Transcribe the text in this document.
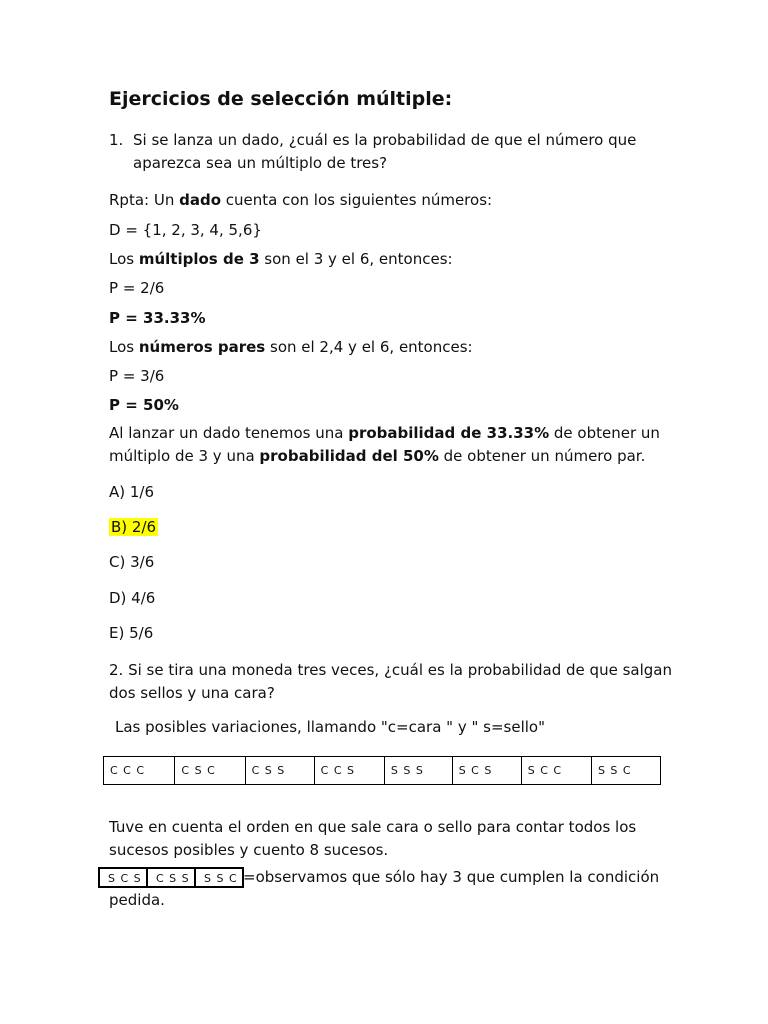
Ejercicios de selección múltiple:
1. Si se lanza un dado, ¿cuál es la probabilidad de que el número que
aparezca sea un múltiplo de tres?
Rpta: Un dado cuenta con los siguientes números:
D = {1, 2, 3, 4, 5,6}
Los múltiplos de 3 son el 3 y el 6, entonces:
P = 2/6
P = 33.33%
Los números pares son el 2,4 y el 6, entonces:
P = 3/6
P = 50%
Al lanzar un dado tenemos una probabilidad de 33.33% de obtener un
múltiplo de 3 y una probabilidad del 50% de obtener un número par.
A) 1/6
B) 2/6
C) 3/6
D) 4/6
E) 5/6
2. Si se tira una moneda tres veces, ¿cuál es la probabilidad de que salgan
dos sellos y una cara?
Las posibles variaciones, llamando "c=cara " y " s=sello"
C C C	C S C	C S S	C C S	S S S	S C S	S C C	S S C
Tuve en cuenta el orden en que sale cara o sello para contar todos los
sucesos posibles y cuento 8 sucesos.
S C S	C S S	S S C =observamos que sólo hay 3 que cumplen la condición
pedida.
